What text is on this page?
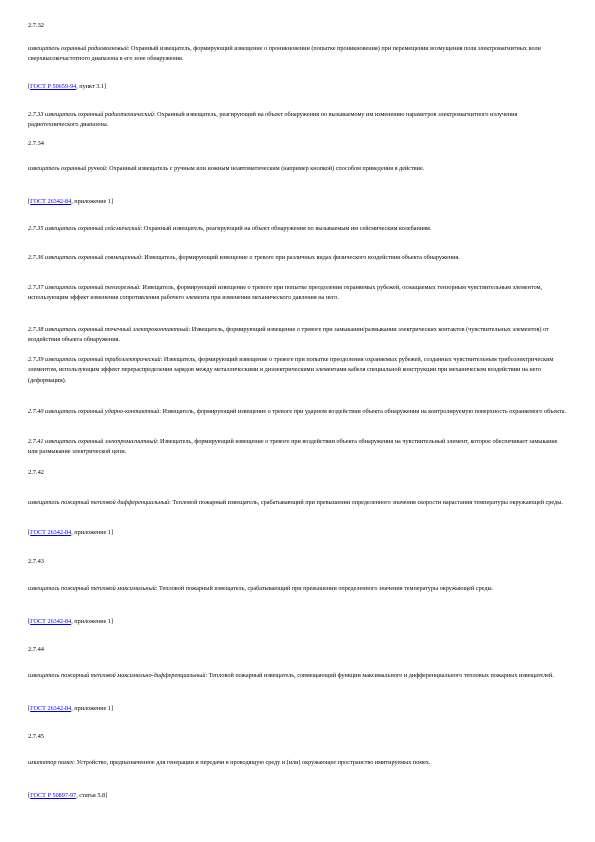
2.7.32

извещатель охранный радиоволновый: Охранный извещатель, формирующий извещение о проникновении (попытке проникновения) при перемещении возмущения поля электромагнитных волн сверхвысокочастотного диапазона в его зоне обнаружения.

[ГОСТ Р 50659-94, пункт 3.1]

2.7.33 извещатель охранный радиотехнический: Охранный извещатель, реагирующий на объект обнаружения по вызываемому им изменению параметров электромагнитного излучения радиотехнического диапазона.

2.7.34

извещатель охранный ручной: Охранный извещатель с ручным или ножным неавтоматическим (например кнопкой) способом приведения в действие.

[ГОСТ 26342-84, приложение 1]

2.7.35 извещатель охранный сейсмический: Охранный извещатель, реагирующий на объект обнаружения по вызываемым им сейсмическим колебаниям.

2.7.36 извещатель охранный совмещенный: Извещатель, формирующий извещение о тревоге при различных видах физического воздействия объекта обнаружения.

2.7.37 извещатель охранный тензорезный: Извещатель, формирующий извещение о тревоге при попытке преодоления охраняемых рубежей, оснащаемых тензорным чувствительным элементом, использующим эффект изменения сопротивления рабочего элемента при изменении механического давления на него.

2.7.38 извещатель охранный точечный электроконтактный: Извещатель, формирующий извещение о тревоге при замыкании/размыкании электрических контактов (чувствительных элементов) от воздействия объекта обнаружения.

2.7.39 извещатель охранный трибоэлектрический: Извещатель, формирующий извещение о тревоге при попытке преодоления охраняемых рубежей, созданных чувствительным трибоэлектрическим элементом, использующим эффект перераспределения зарядов между металлическими и диэлектрическими элементами кабеля специальной конструкции при механическом воздействии на него (деформации).

2.7.40 извещатель охранный ударно-контактный: Извещатель, формирующий извещение о тревоге при ударном воздействии объекта обнаружения на контролируемую поверхность охраняемого объекта.

2.7.41 извещатель охранный электромагнитный: Извещатель, формирующий извещение о тревоге при воздействии объекта обнаружения на чувствительный элемент, которое обеспечивает замыкание или размыкание электрической цепи.

2.7.42

извещатель пожарный тепловой дифференциальный: Тепловой пожарный извещатель, срабатывающий при превышении определенного значения скорости нарастания температуры окружающей среды.

[ГОСТ 26342-84, приложение 1]

2.7.43

извещатель пожарный тепловой максимальный: Тепловой пожарный извещатель, срабатывающий при превышении определенного значения температуры окружающей среды.

[ГОСТ 26342-84, приложение 1]

2.7.44

извещатель пожарный тепловой максимально-дифференциальный: Тепловой пожарный извещатель, совмещающий функции максимального и дифференциального тепловых пожарных извещателей.

[ГОСТ 26342-84, приложение 1]

2.7.45

имитатор помех: Устройство, предназначенное для генерации и передачи в проводящую среду и (или) окружающее пространство имитируемых помех.

[ГОСТ Р 50897-97, статья 5.8]
